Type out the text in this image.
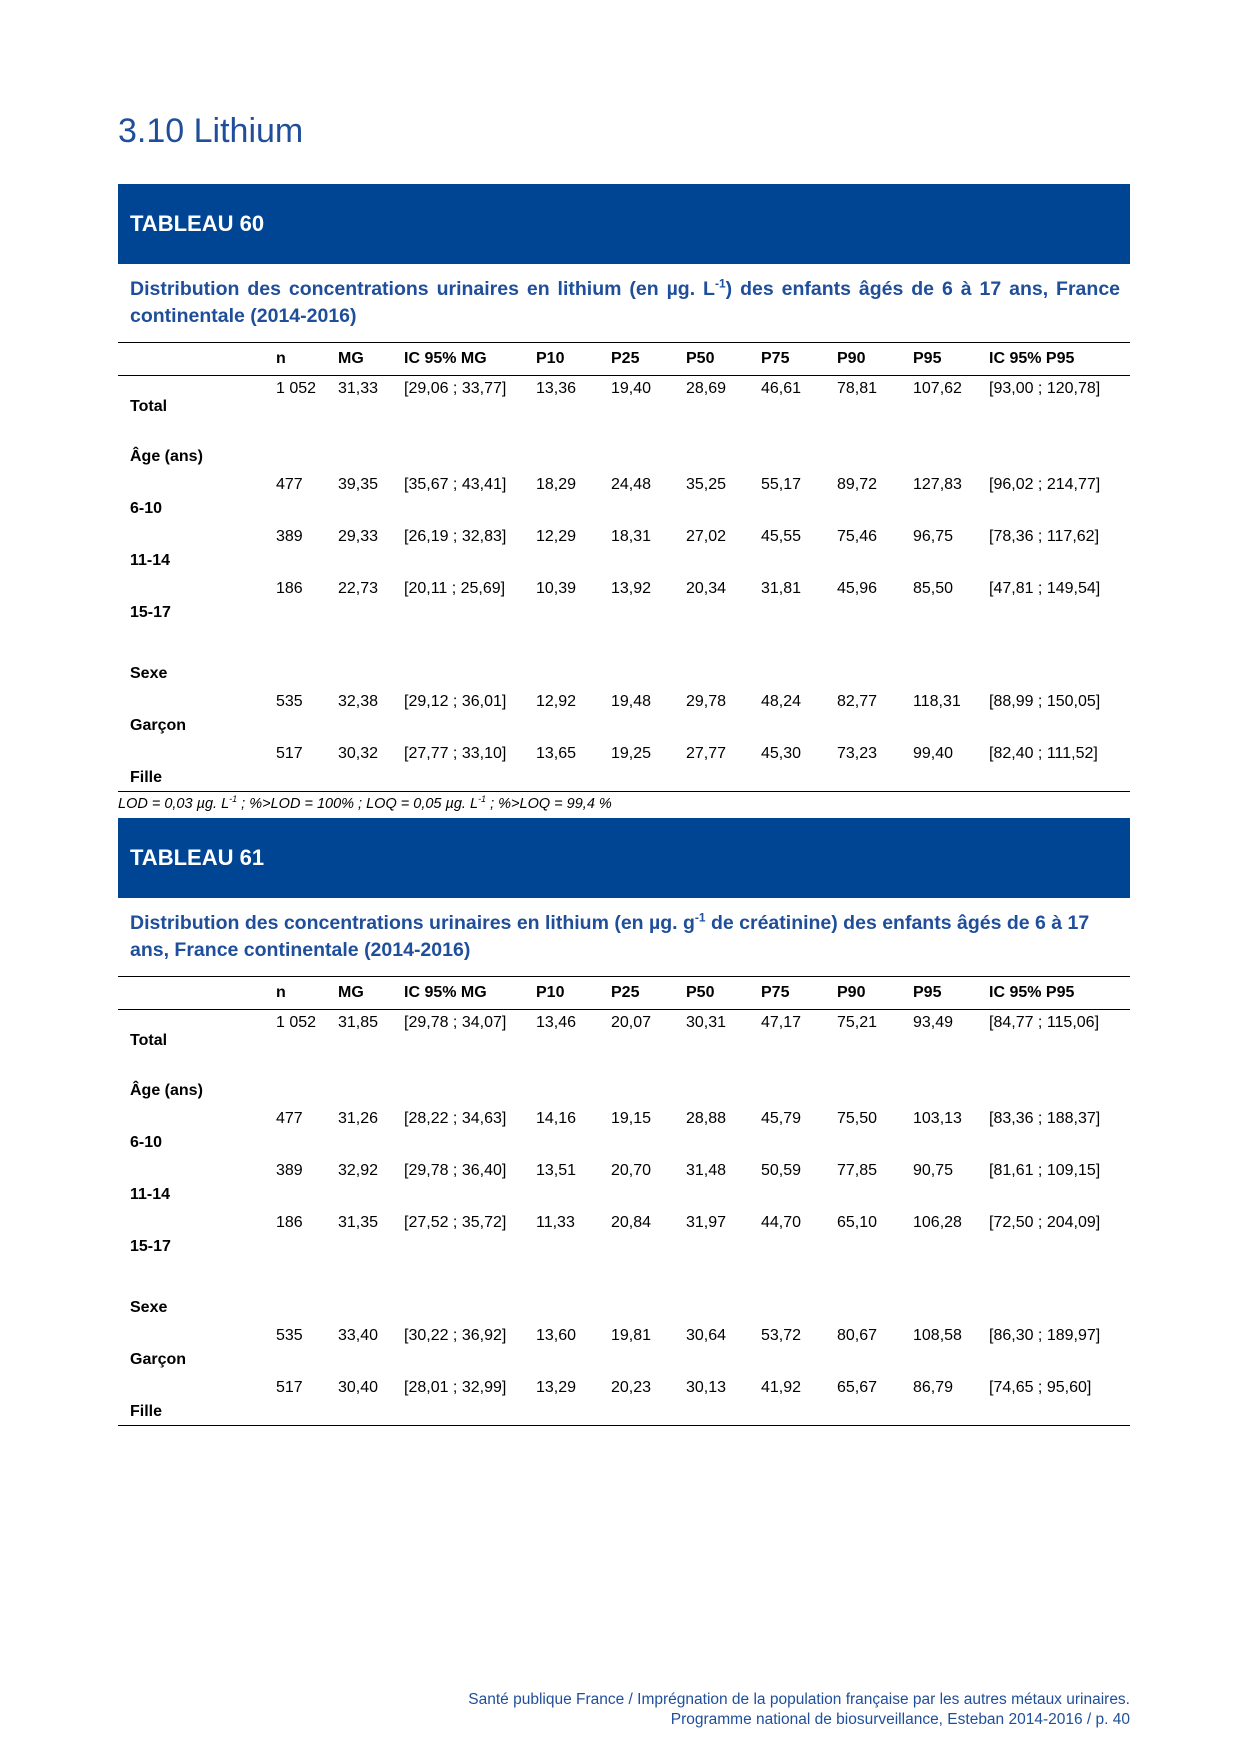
3.10 Lithium
TABLEAU 60
Distribution des concentrations urinaires en lithium (en µg. $L^{-1}$) des enfants âgés de 6 à 17 ans, France continentale (2014-2016)
	n	MG	IC 95% MG	P10	P25	P50	P75	P90	P95	IC 95% P95
Total	1 052	31,33	[29,06 ; 33,77]	13,36	19,40	28,69	46,61	78,81	107,62	[93,00 ; 120,78]
Âge (ans)										
6-10	477	39,35	[35,67 ; 43,41]	18,29	24,48	35,25	55,17	89,72	127,83	[96,02 ; 214,77]
11-14	389	29,33	[26,19 ; 32,83]	12,29	18,31	27,02	45,55	75,46	96,75	[78,36 ; 117,62]
15-17	186	22,73	[20,11 ; 25,69]	10,39	13,92	20,34	31,81	45,96	85,50	[47,81 ; 149,54]
Sexe										
Garçon	535	32,38	[29,12 ; 36,01]	12,92	19,48	29,78	48,24	82,77	118,31	[88,99 ; 150,05]
Fille	517	30,32	[27,77 ; 33,10]	13,65	19,25	27,77	45,30	73,23	99,40	[82,40 ; 111,52]
LOD = 0,03 µg. $L^{-1}$ ; %>LOD = 100% ; LOQ = 0,05 µg. $L^{-1}$ ; %>LOQ = 99,4 %
TABLEAU 61
Distribution des concentrations urinaires en lithium (en µg. $g^{-1}$ de créatinine) des enfants âgés de 6 à 17 ans, France continentale (2014-2016)
	n	MG	IC 95% MG	P10	P25	P50	P75	P90	P95	IC 95% P95
Total	1 052	31,85	[29,78 ; 34,07]	13,46	20,07	30,31	47,17	75,21	93,49	[84,77 ; 115,06]
Âge (ans)										
6-10	477	31,26	[28,22 ; 34,63]	14,16	19,15	28,88	45,79	75,50	103,13	[83,36 ; 188,37]
11-14	389	32,92	[29,78 ; 36,40]	13,51	20,70	31,48	50,59	77,85	90,75	[81,61 ; 109,15]
15-17	186	31,35	[27,52 ; 35,72]	11,33	20,84	31,97	44,70	65,10	106,28	[72,50 ; 204,09]
Sexe										
Garçon	535	33,40	[30,22 ; 36,92]	13,60	19,81	30,64	53,72	80,67	108,58	[86,30 ; 189,97]
Fille	517	30,40	[28,01 ; 32,99]	13,29	20,23	30,13	41,92	65,67	86,79	[74,65 ; 95,60]
Santé publique France / Imprégnation de la population française par les autres métaux urinaires.
Programme national de biosurveillance, Esteban 2014-2016 / p. 40
